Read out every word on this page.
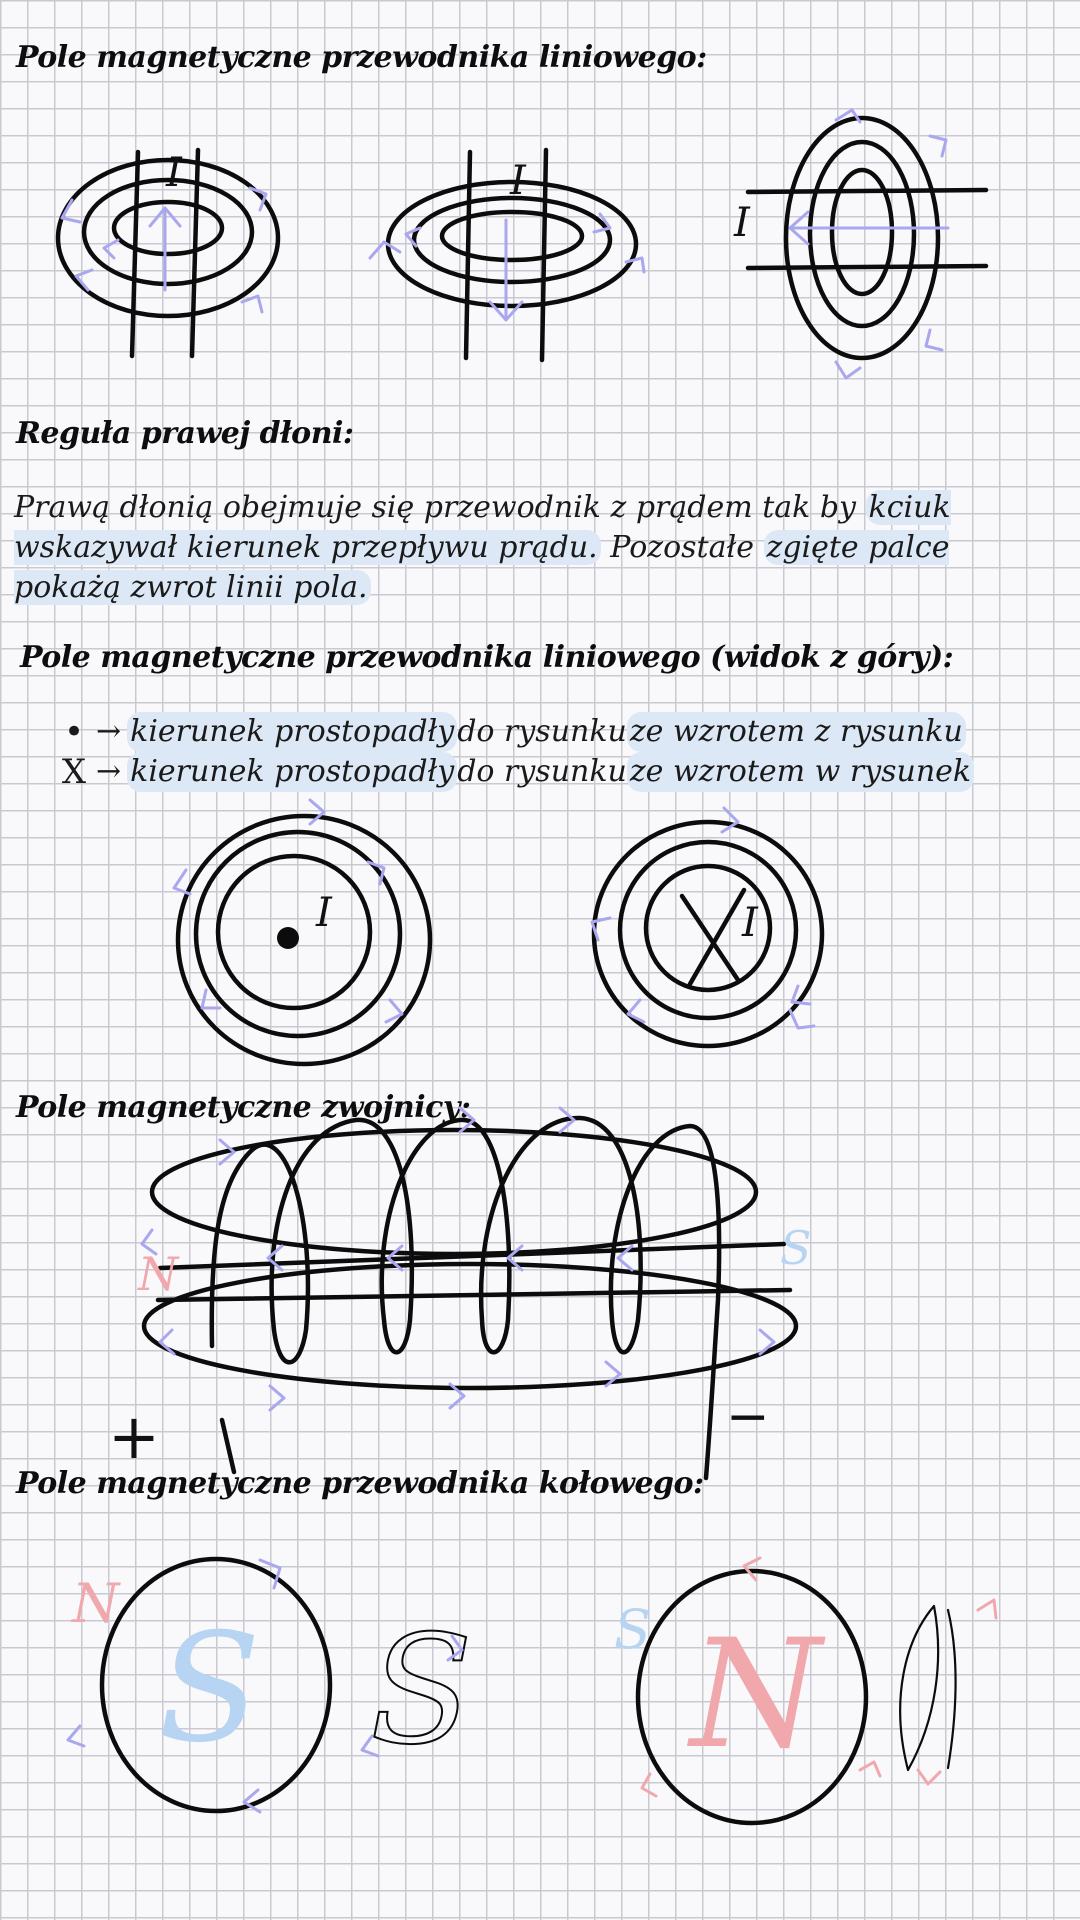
Pole magnetyczne przewodnika liniowego:
Reguła prawej dłoni:
Pole magnetyczne przewodnika liniowego (widok z góry):
Pole magnetyczne zwojnicy:
Pole magnetyczne przewodnika kołowego:

Prawą dłonią obejmuje się przewodnik z prądem tak by kciuk wskazywał kierunek przepływu prądu. Pozostałe zgięte palce pokażą zwrot linii pola.

• → kierunek prostopadły do rysunku ze wzrotem z rysunku
X → kierunek prostopadły do rysunku ze wzrotem w rysunek
I	I
I
I	I
+	−
N	S
S
N
S N
S
